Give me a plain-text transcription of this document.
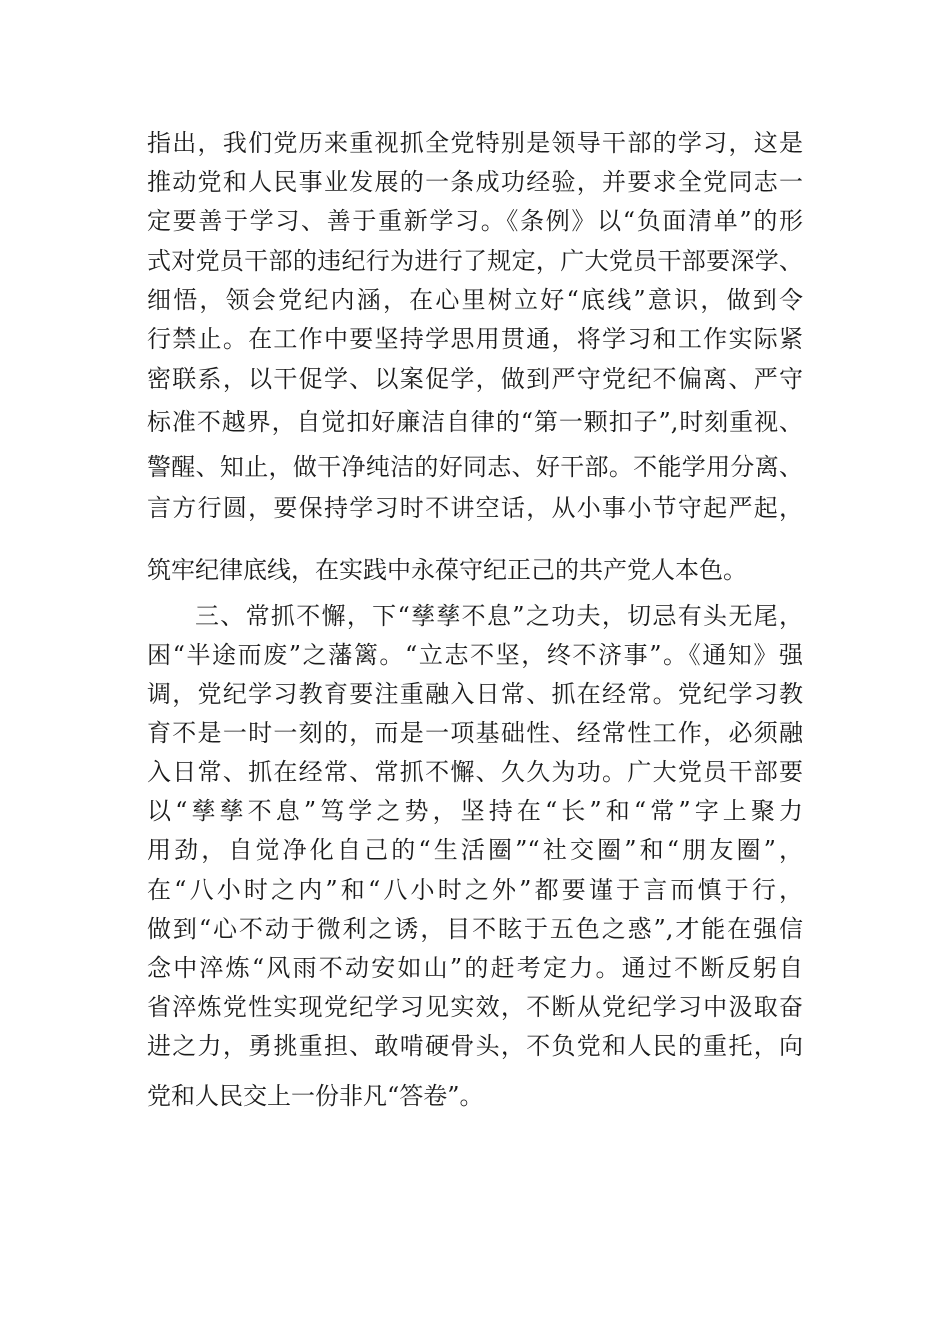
指出，我们党历来重视抓全党特别是领导干部的学习，这是
推动党和人民事业发展的一条成功经验，并要求全党同志一
定要善于学习、善于重新学习。《条例》以“负面清单”的形
式对党员干部的违纪行为进行了规定，广大党员干部要深学、
细悟，领会党纪内涵，在心里树立好“底线”意识，做到令
行禁止。在工作中要坚持学思用贯通，将学习和工作实际紧
密联系，以干促学、以案促学，做到严守党纪不偏离、严守
标准不越界，自觉扣好廉洁自律的“第一颗扣子”,时刻重视、
警醒、知止，做干净纯洁的好同志、好干部。不能学用分离、
言方行圆，要保持学习时不讲空话，从小事小节守起严起，
筑牢纪律底线，在实践中永葆守纪正己的共产党人本色。
三、常抓不懈，下“孳孳不息”之功夫，切忌有头无尾，
困“半途而废”之藩篱。“立志不坚，终不济事”。《通知》强
调，党纪学习教育要注重融入日常、抓在经常。党纪学习教
育不是一时一刻的，而是一项基础性、经常性工作，必须融
入日常、抓在经常、常抓不懈、久久为功。广大党员干部要
以“孳孳不息”笃学之势，坚持在“长”和“常”字上聚力
用劲，自觉净化自己的“生活圈”“社交圈”和“朋友圈”，
在“八小时之内”和“八小时之外”都要谨于言而慎于行，
做到“心不动于微利之诱，目不眩于五色之惑”,才能在强信
念中淬炼“风雨不动安如山”的赶考定力。通过不断反躬自
省淬炼党性实现党纪学习见实效，不断从党纪学习中汲取奋
进之力，勇挑重担、敢啃硬骨头，不负党和人民的重托，向
党和人民交上一份非凡“答卷”。
